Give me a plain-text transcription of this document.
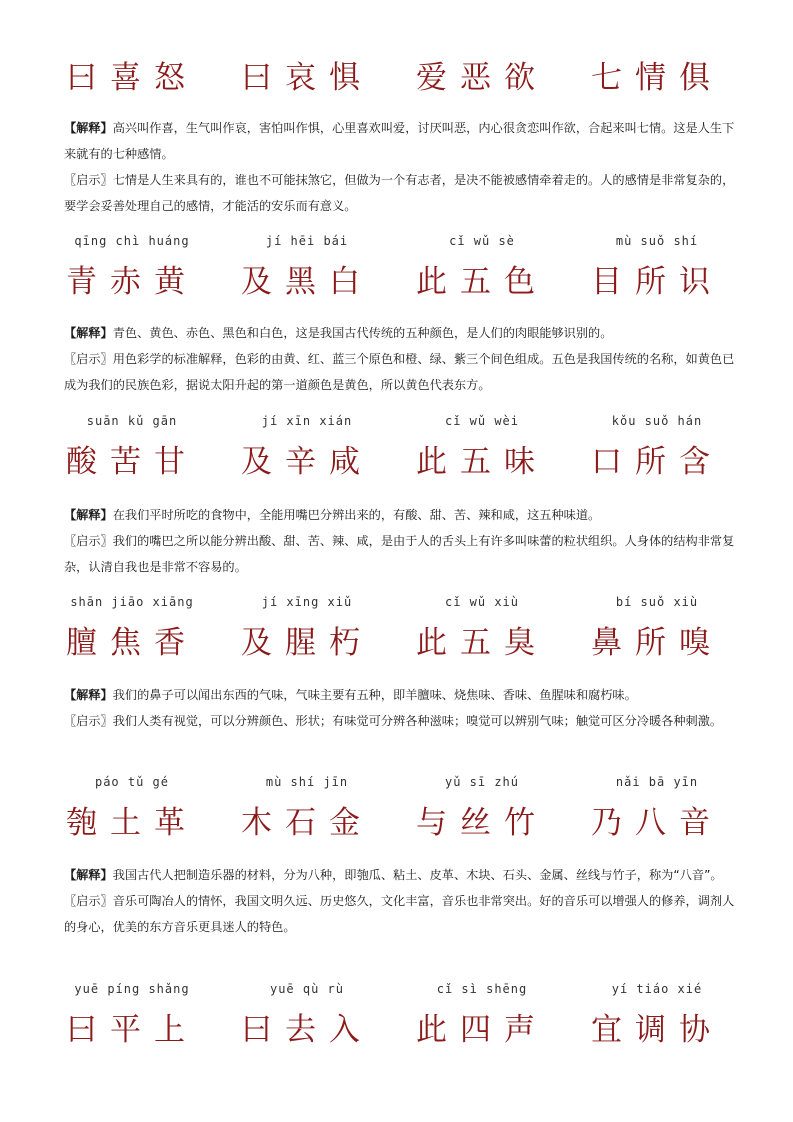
曰喜怒	曰哀惧	爱恶欲	七情俱

【解释】高兴叫作喜，生气叫作哀，害怕叫作惧，心里喜欢叫爱，讨厌叫恶，内心很贪恋叫作欲，合起来叫七情。这是人生下来就有的七种感情。

〖启示〗七情是人生来具有的，谁也不可能抹煞它，但做为一个有志者，是决不能被感情牵着走的。人的感情是非常复杂的，要学会妥善处理自己的感情，才能活的安乐而有意义。

qīng chì huáng	jí hēi bái	cǐ wǔ sè	mù suǒ shí
青赤黄	及黑白	此五色	目所识

【解释】青色、黄色、赤色、黑色和白色，这是我国古代传统的五种颜色，是人们的肉眼能够识别的。

〖启示〗用色彩学的标准解释，色彩的由黄、红、蓝三个原色和橙、绿、紫三个间色组成。五色是我国传统的名称，如黄色已成为我们的民族色彩，据说太阳升起的第一道颜色是黄色，所以黄色代表东方。

suān kǔ gān	jí xīn xián	cǐ wǔ wèi	kǒu suǒ hán
酸苦甘	及辛咸	此五味	口所含

【解释】在我们平时所吃的食物中，全能用嘴巴分辨出来的，有酸、甜、苦、辣和咸，这五种味道。

〖启示〗我们的嘴巴之所以能分辨出酸、甜、苦、辣、咸，是由于人的舌头上有许多叫味蕾的粒状组织。人身体的结构非常复杂，认清自我也是非常不容易的。

shān jiāo xiāng	jí xīng xiǔ	cǐ wǔ xiù	bí suǒ xiù
膻焦香	及腥朽	此五臭	鼻所嗅

【解释】我们的鼻子可以闻出东西的气味，气味主要有五种，即羊膻味、烧焦味、香味、鱼腥味和腐朽味。

〖启示〗我们人类有视觉，可以分辨颜色、形状；有味觉可分辨各种滋味；嗅觉可以辨别气味；触觉可区分冷暖各种刺激。

páo tǔ gé	mù shí jīn	yǔ sī zhú	nǎi bā yīn
匏土革	木石金	与丝竹	乃八音

【解释】我国古代人把制造乐器的材料，分为八种，即匏瓜、粘土、皮革、木块、石头、金属、丝线与竹子，称为“八音”。

〖启示〗音乐可陶冶人的情怀，我国文明久远、历史悠久，文化丰富，音乐也非常突出。好的音乐可以增强人的修养，调剂人的身心，优美的东方音乐更具迷人的特色。

yuē píng shǎng	yuē qù rù	cǐ sì shēng	yí tiáo xié
曰平上	曰去入	此四声	宜调协
